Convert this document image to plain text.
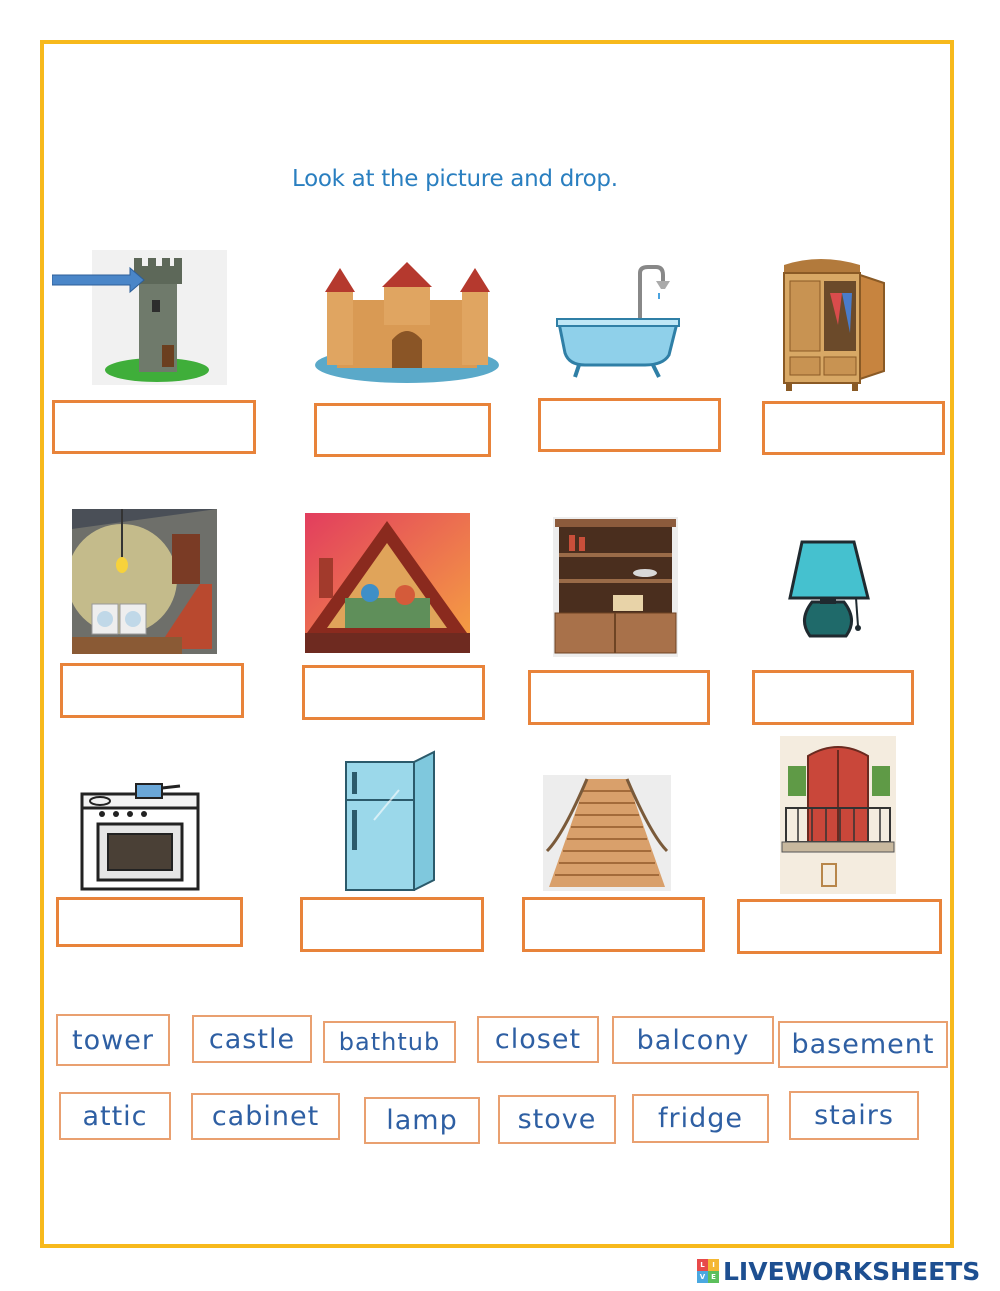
Look at the picture and drop.
tower	castle	bathtub	closet	balcony	basement
attic	cabinet	lamp	stove	fridge	stairs
L	I
V E LIVEWORKSHEETS
